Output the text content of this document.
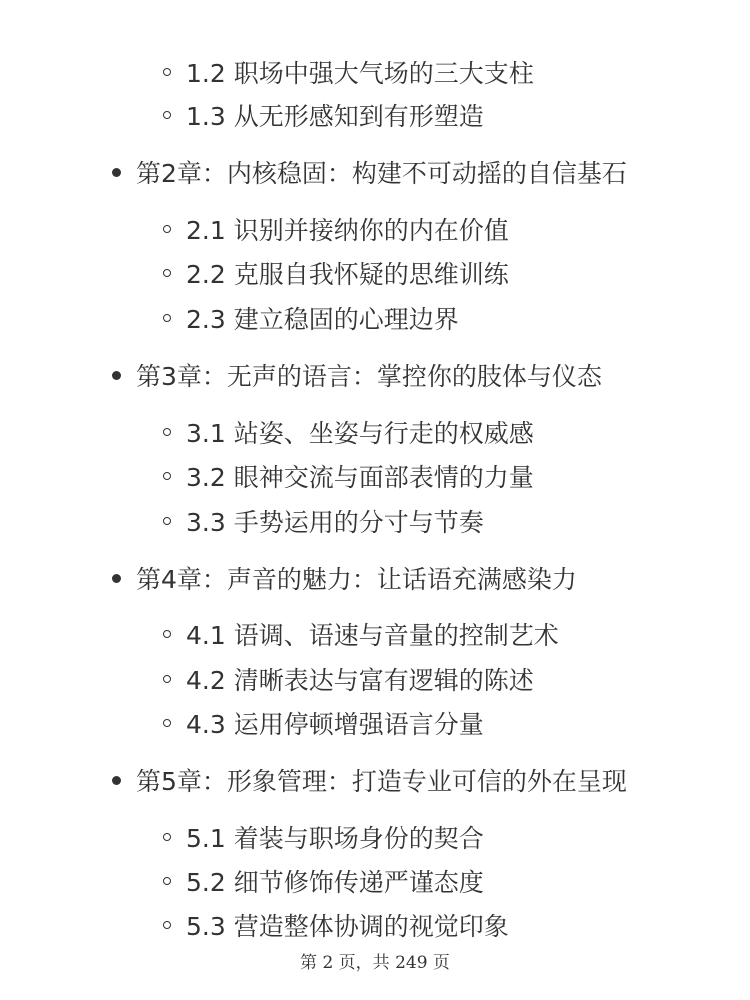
1.2 职场中强大气场的三大支柱
1.3 从无形感知到有形塑造
第2章：内核稳固：构建不可动摇的自信基石
2.1 识别并接纳你的内在价值
2.2 克服自我怀疑的思维训练
2.3 建立稳固的心理边界
第3章：无声的语言：掌控你的肢体与仪态
3.1 站姿、坐姿与行走的权威感
3.2 眼神交流与面部表情的力量
3.3 手势运用的分寸与节奏
第4章：声音的魅力：让话语充满感染力
4.1 语调、语速与音量的控制艺术
4.2 清晰表达与富有逻辑的陈述
4.3 运用停顿增强语言分量
第5章：形象管理：打造专业可信的外在呈现
5.1 着装与职场身份的契合
5.2 细节修饰传递严谨态度
5.3 营造整体协调的视觉印象
第 2 页，共 249 页
